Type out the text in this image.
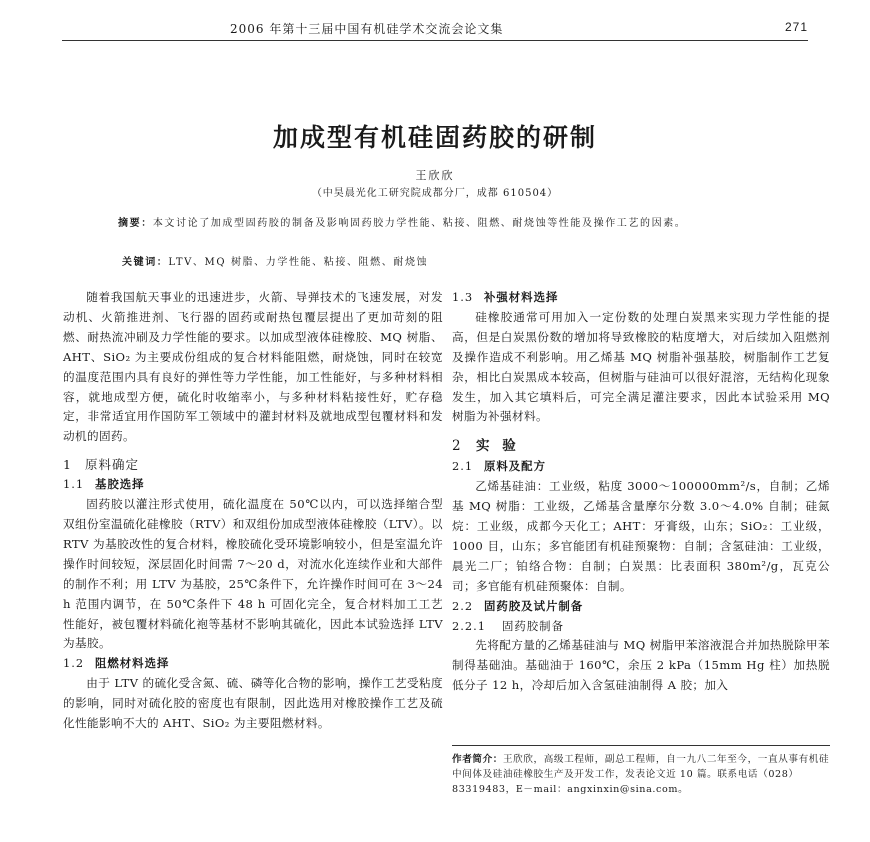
2006 年第十三届中国有机硅学术交流会论文集	271
加成型有机硅固药胶的研制
王欣欣
（中昊晨光化工研究院成都分厂，成都 610504）
摘要：本文讨论了加成型固药胶的制备及影响固药胶力学性能、粘接、阻燃、耐烧蚀等性能及操作工艺的因素。
关键词：LTV、MQ 树脂、力学性能、粘接、阻燃、耐烧蚀

随着我国航天事业的迅速进步，火箭、导弹技术的飞速发展，对发动机、火箭推进剂、飞行器的固药或耐热包覆层提出了更加苛刻的阻燃、耐热流冲刷及力学性能的要求。以加成型液体硅橡胶、MQ 树脂、AHT、SiO₂ 为主要成份组成的复合材料能阻燃，耐烧蚀，同时在较宽的温度范围内具有良好的弹性等力学性能，加工性能好，与多种材料相容，就地成型方便，硫化时收缩率小，与多种材料粘接性好，贮存稳定，非常适宜用作国防军工领域中的灌封材料及就地成型包覆材料和发动机的固药。

1 原料确定
1.1 基胶选择

固药胶以灌注形式使用，硫化温度在 50℃以内，可以选择缩合型双组份室温硫化硅橡胶（RTV）和双组份加成型液体硅橡胶（LTV）。以 RTV 为基胶改性的复合材料，橡胶硫化受环境影响较小，但是室温允许操作时间较短，深层固化时间需 7～20 d，对流水化连续作业和大部件的制作不利；用 LTV 为基胶，25℃条件下，允许操作时间可在 3～24 h 范围内调节，在 50℃条件下 48 h 可固化完全，复合材料加工工艺性能好，被包覆材料硫化袍等基材不影响其硫化，因此本试验选择 LTV 为基胶。

1.2 阻燃材料选择

由于 LTV 的硫化受含氮、硫、磷等化合物的影响，操作工艺受粘度的影响，同时对硫化胶的密度也有限制，因此选用对橡胶操作工艺及硫化性能影响不大的 AHT、SiO₂ 为主要阻燃材料。

1.3 补强材料选择

硅橡胶通常可用加入一定份数的处理白炭黑来实现力学性能的提高，但是白炭黑份数的增加将导致橡胶的粘度增大，对后续加入阻燃剂及操作造成不利影响。用乙烯基 MQ 树脂补强基胶，树脂制作工艺复杂，相比白炭黑成本较高，但树脂与硅油可以很好混溶，无结构化现象发生，加入其它填料后，可完全满足灌注要求，因此本试验采用 MQ 树脂为补强材料。

2 实 验
2.1 原料及配方

乙烯基硅油：工业级，粘度 3000～100000mm²/s，自制；乙烯基 MQ 树脂：工业级，乙烯基含量摩尔分数 3.0～4.0% 自制；硅氮烷：工业级，成都今天化工；AHT：牙膏级，山东；SiO₂：工业级，1000 目，山东；多官能团有机硅预聚物：自制；含氢硅油：工业级，晨光二厂；铂络合物：自制；白炭黑：比表面积 380m²/g，瓦克公司；多官能有机硅预聚体：自制。

2.2 固药胶及试片制备
2.2.1 固药胶制备

先将配方量的乙烯基硅油与 MQ 树脂甲苯溶液混合并加热脱除甲苯制得基础油。基础油于 160℃，余压 2 kPa（15mm Hg 柱）加热脱低分子 12 h，冷却后加入含氢硅油制得 A 胶；加入

作者简介：王欣欣，高级工程师，副总工程师，自一九八二年至今，一直从事有机硅中间体及硅油硅橡胶生产及开发工作，发表论文近 10 篇。联系电话（028）83319483，E－mail：angxinxin@sina.com。
